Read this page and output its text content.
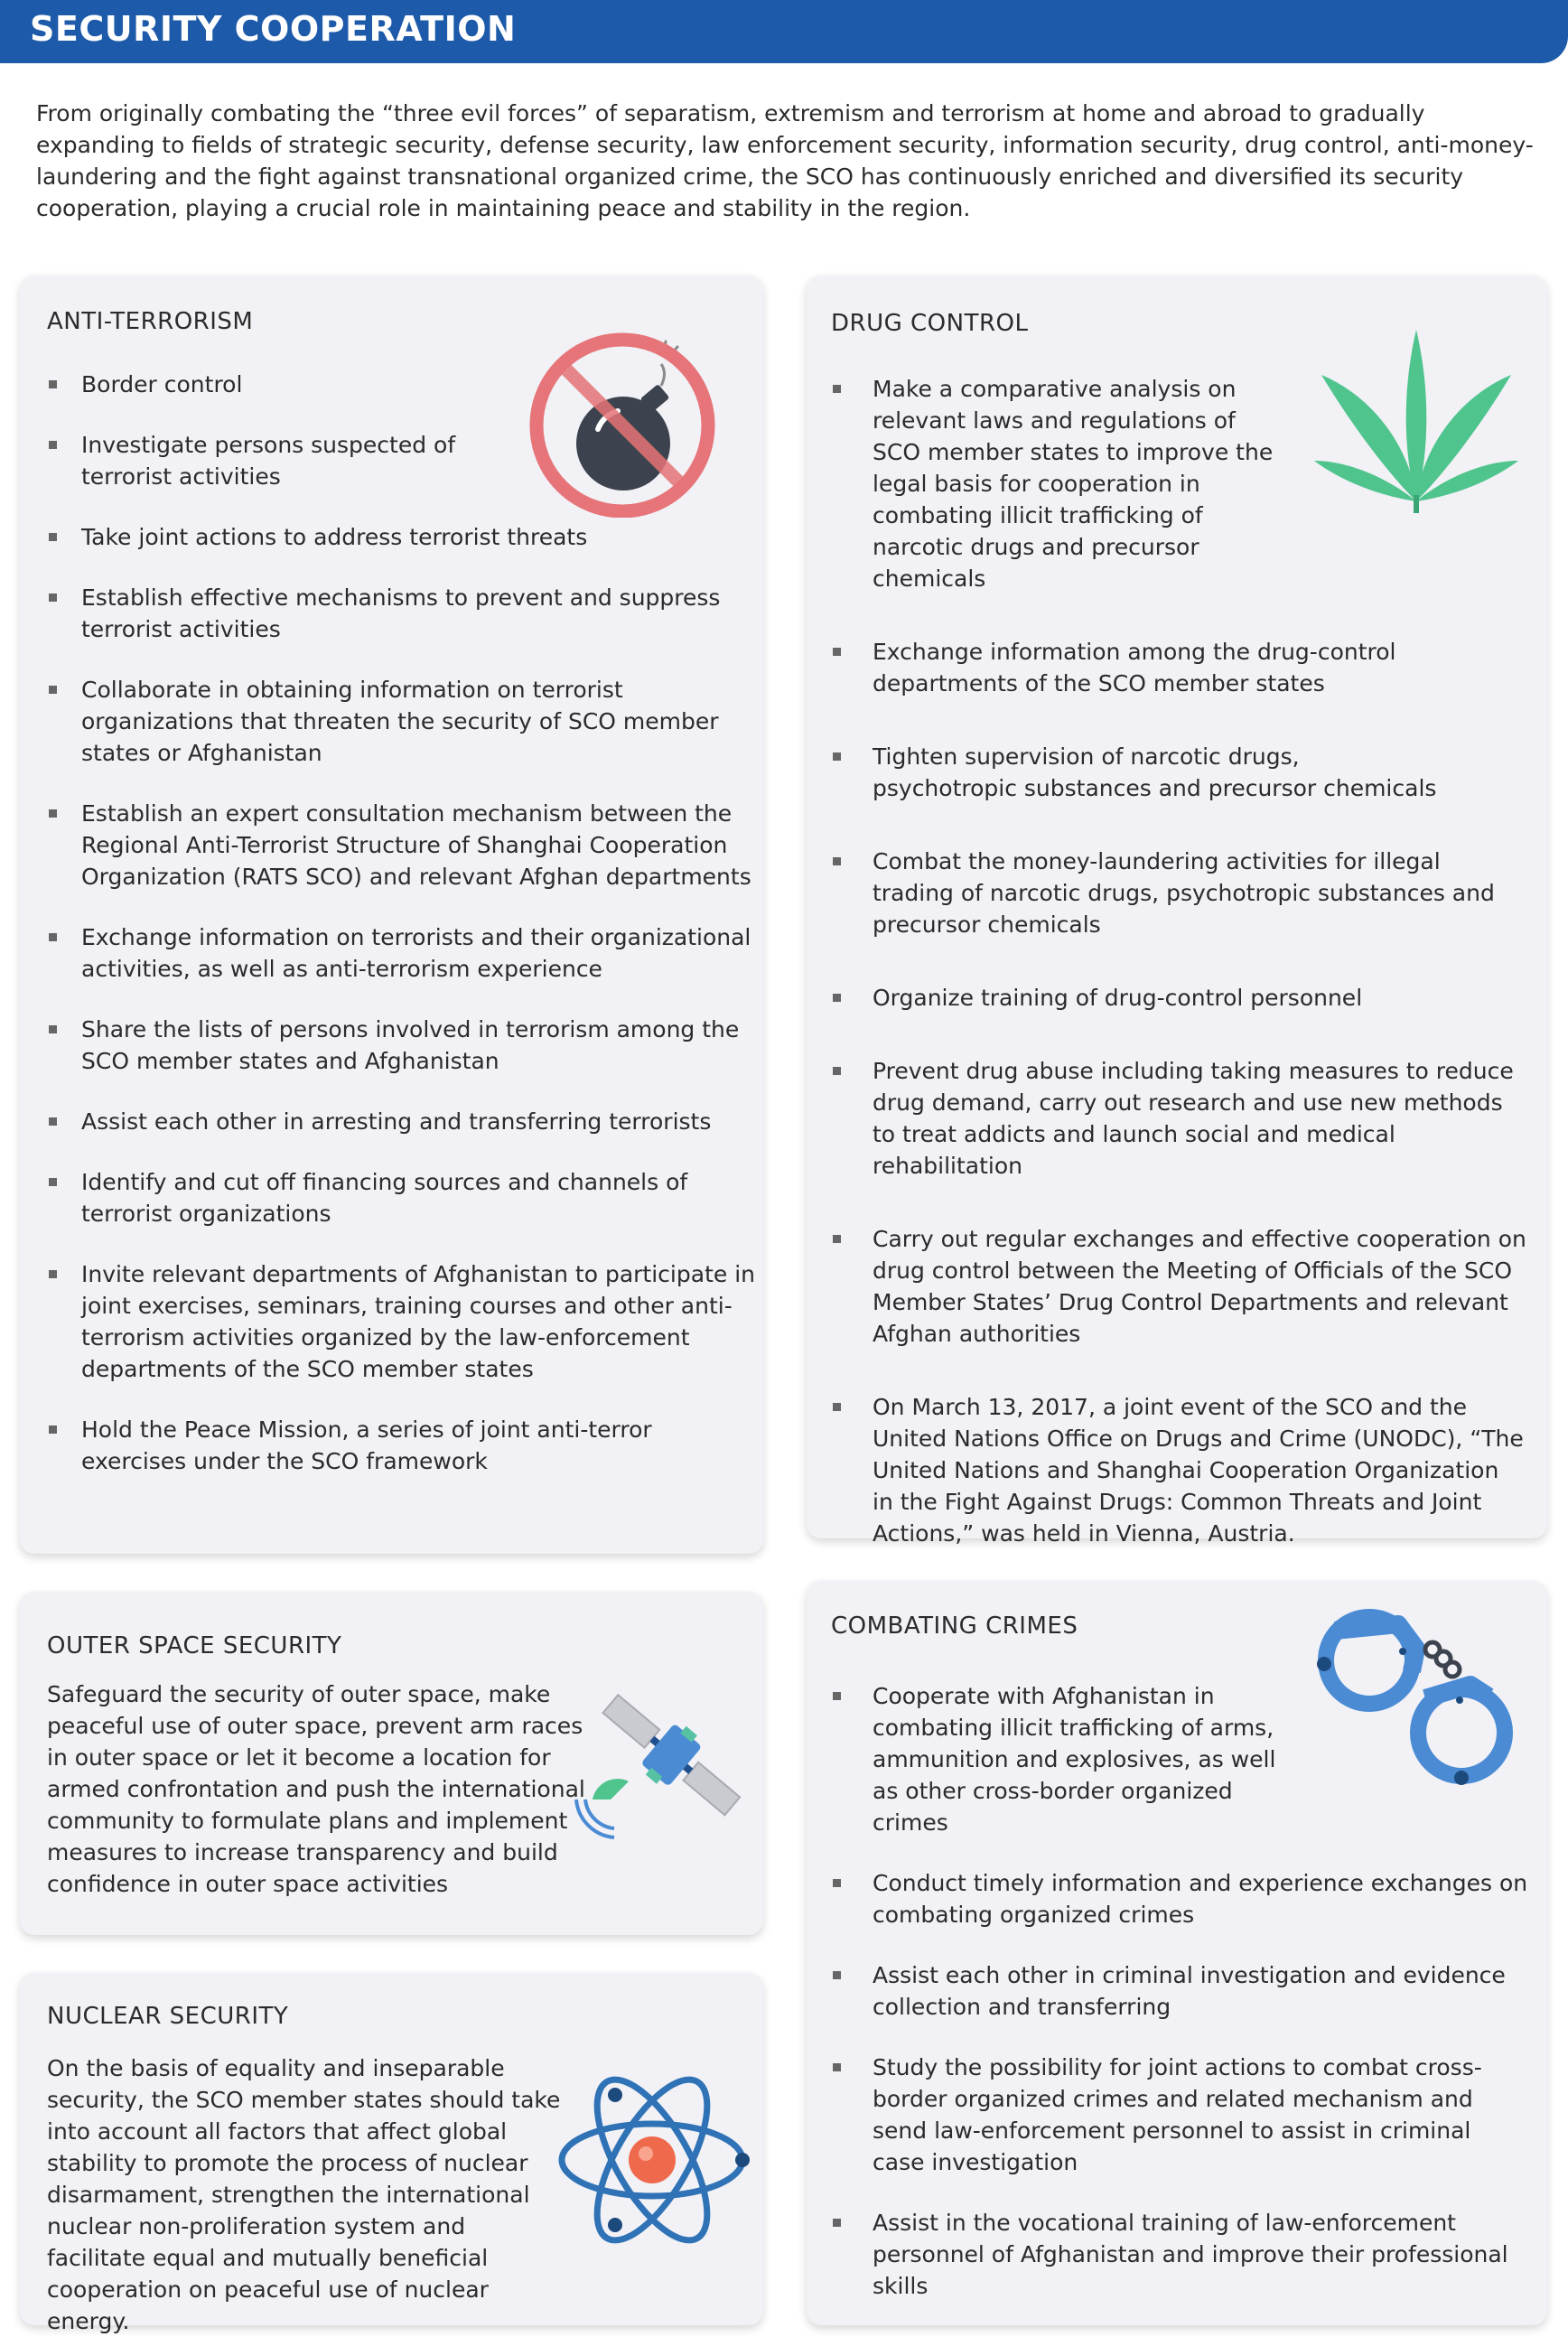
SECURITY COOPERATION

From originally combating the “three evil forces” of separatism, extremism and terrorism at home and abroad to gradually expanding to fields of strategic security, defense security, law enforcement security, information security, drug control, anti-money-laundering and the fight against transnational organized crime, the SCO has continuously enriched and diversified its security cooperation, playing a crucial role in maintaining peace and stability in the region.

ANTI-TERRORISM
Border control
Investigate persons suspected of terrorist activities
Take joint actions to address terrorist threats
Establish effective mechanisms to prevent and suppress terrorist activities
Collaborate in obtaining information on terrorist organizations that threaten the security of SCO member states or Afghanistan
Establish an expert consultation mechanism between the Regional Anti-Terrorist Structure of Shanghai Cooperation Organization (RATS SCO) and relevant Afghan departments
Exchange information on terrorists and their organizational activities, as well as anti-terrorism experience
Share the lists of persons involved in terrorism among the SCO member states and Afghanistan
Assist each other in arresting and transferring terrorists
Identify and cut off financing sources and channels of terrorist organizations
Invite relevant departments of Afghanistan to participate in joint exercises, seminars, training courses and other anti-terrorism activities organized by the law-enforcement departments of the SCO member states
Hold the Peace Mission, a series of joint anti-terror exercises under the SCO framework
DRUG CONTROL
Make a comparative analysis on relevant laws and regulations of SCO member states to improve the legal basis for cooperation in combating illicit trafficking of narcotic drugs and precursor chemicals
Exchange information among the drug-control departments of the SCO member states
Tighten supervision of narcotic drugs, psychotropic substances and precursor chemicals
Combat the money-laundering activities for illegal trading of narcotic drugs, psychotropic substances and precursor chemicals
Organize training of drug-control personnel
Prevent drug abuse including taking measures to reduce drug demand, carry out research and use new methods to treat addicts and launch social and medical rehabilitation
Carry out regular exchanges and effective cooperation on drug control between the Meeting of Officials of the SCO Member States’ Drug Control Departments and relevant Afghan authorities
On March 13, 2017, a joint event of the SCO and the United Nations Office on Drugs and Crime (UNODC), “The United Nations and Shanghai Cooperation Organization in the Fight Against Drugs: Common Threats and Joint Actions,” was held in Vienna, Austria.
OUTER SPACE SECURITY

Safeguard the security of outer space, make peaceful use of outer space, prevent arm races in outer space or let it become a location for armed confrontation and push the international community to formulate plans and implement measures to increase transparency and build confidence in outer space activities

NUCLEAR SECURITY

On the basis of equality and inseparable security, the SCO member states should take into account all factors that affect global stability to promote the process of nuclear disarmament, strengthen the international nuclear non-proliferation system and facilitate equal and mutually beneficial cooperation on peaceful use of nuclear energy.

COMBATING CRIMES
Cooperate with Afghanistan in combating illicit trafficking of arms, ammunition and explosives, as well as other cross-border organized crimes
Conduct timely information and experience exchanges on combating organized crimes
Assist each other in criminal investigation and evidence collection and transferring
Study the possibility for joint actions to combat cross-border organized crimes and related mechanism and send law-enforcement personnel to assist in criminal case investigation
Assist in the vocational training of law-enforcement personnel of Afghanistan and improve their professional skills
